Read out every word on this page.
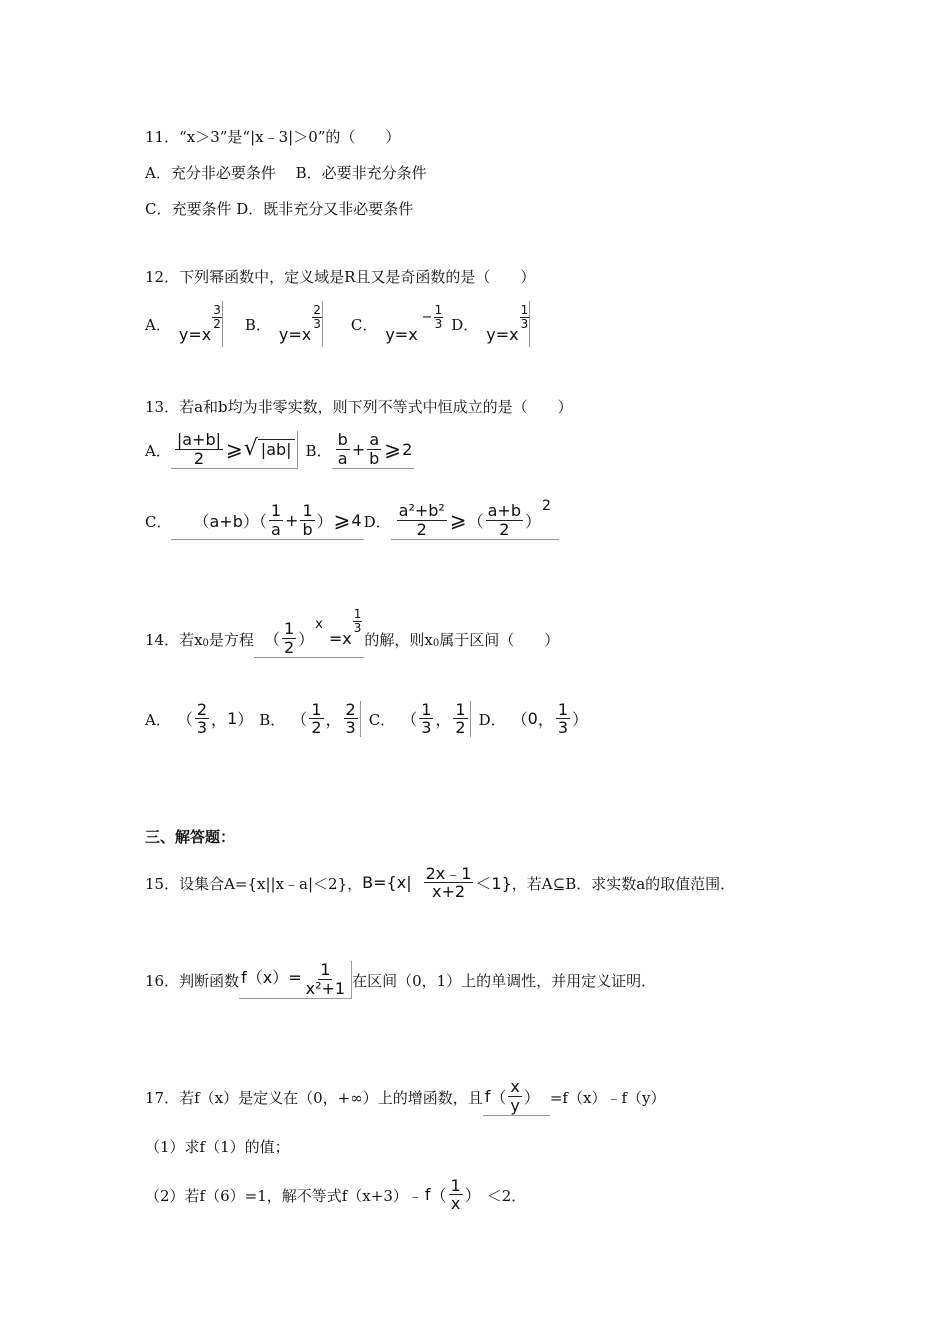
11．“x＞3”是“|x﹣3|＞0”的（　　）
A．充分非必要条件　 B．必要非充分条件
C．充要条件 D．既非充分又非必要条件
12．下列幂函数中，定义域是R且又是奇函数的是（　　）
A． y=x
3
2 B． y=x
2
3 C． y=x
− $\frac{1}{3}$ D． y=x
1
3
13．若a和b均为非零实数，则下列不等式中恒成立的是（　　）
A． $\frac{|a+b|}{2}$ ⩾ √ |ab| B． $\frac{b}{a} + \frac{a}{b}$ ⩾ 2
C． $(a+b)( \frac{1}{a} + \frac{1}{b}$ ） ⩾ 4 D． $\frac{\text{a²+b²}}{2}$ ⩾ （ $\frac{a+b}{2}$ ）
2
14．若x 0 是方程 （ $\frac{1}{2}$ ）
x
=x
1
3
的解，则x 0 属于区间（　　）
A． （ $\frac{2}{3}$ ， 1 ） B． （ $\frac{1}{2}$ ， $\frac{2}{3}$ C． （ $\frac{1}{3}$ ， $\frac{1}{2}$ D． （ 0 ， $\frac{1}{3}$ ）
三、解答题：
15．设集合A={x||x﹣a|＜2}， $B=\{x| \frac{2x﹣1}{x+2} <1\}$ ，若A⊆B．求实数a的取值范围．
16．判断函数 $f(x)= \frac{1}{\text{x²+1}}$ 在区间（0，1）上的单调性，并用定义证明．
17．若f（x）是定义在（0，+∞）上的增函数，且 f （ $\frac{x}{y}$ ） =f（x）﹣f（y）
（1）求f（1）的值；
（2）若f（6）=1，解不等式f（x+3）﹣ f （ $\frac{1}{x}$ ） ＜2．
